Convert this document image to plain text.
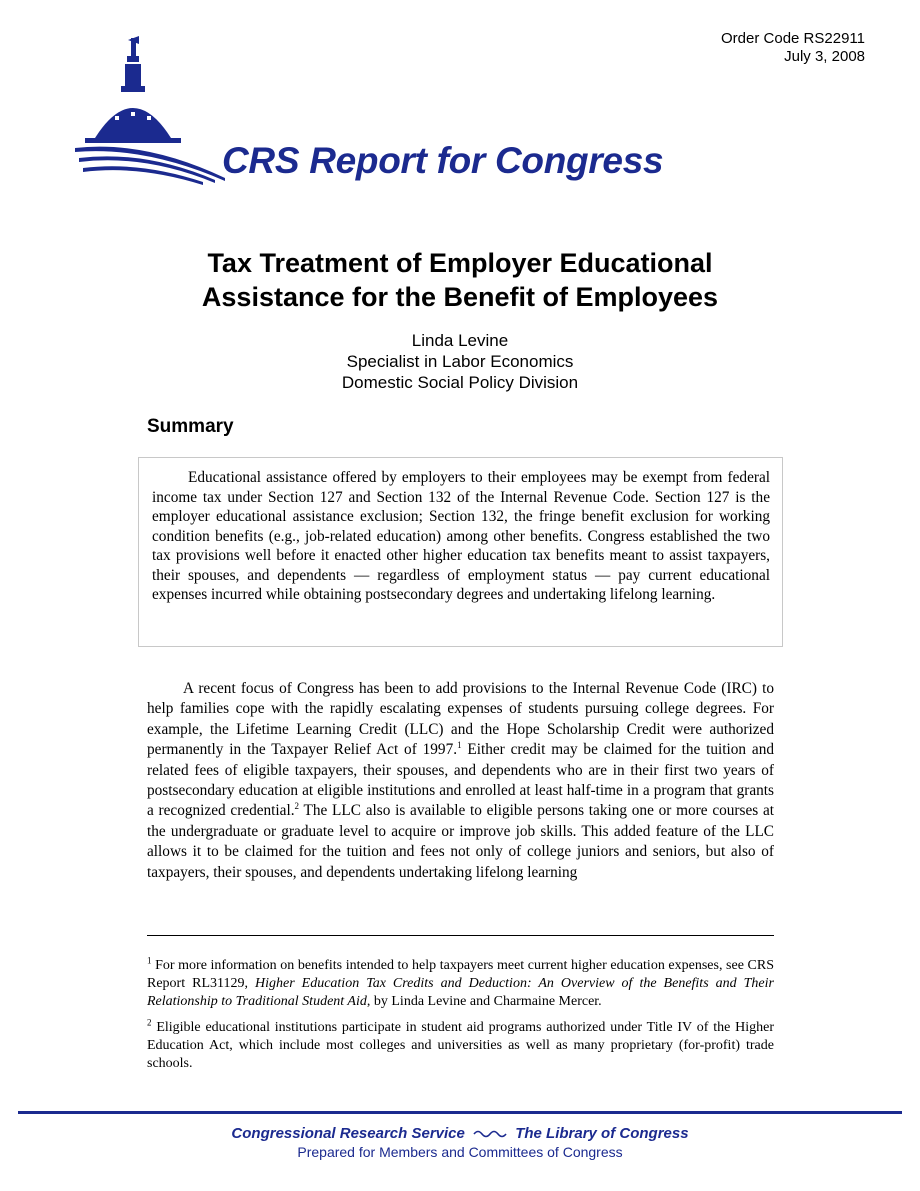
Order Code RS22911
July 3, 2008
CRS Report for Congress
Tax Treatment of Employer Educational
Assistance for the Benefit of Employees
Linda Levine
Specialist in Labor Economics
Domestic Social Policy Division
Summary

Educational assistance offered by employers to their employees may be exempt from federal income tax under Section 127 and Section 132 of the Internal Revenue Code. Section 127 is the employer educational assistance exclusion; Section 132, the fringe benefit exclusion for working condition benefits (e.g., job-related education) among other benefits. Congress established the two tax provisions well before it enacted other higher education tax benefits meant to assist taxpayers, their spouses, and dependents — regardless of employment status — pay current educational expenses incurred while obtaining postsecondary degrees and undertaking lifelong learning.

A recent focus of Congress has been to add provisions to the Internal Revenue Code (IRC) to help families cope with the rapidly escalating expenses of students pursuing college degrees. For example, the Lifetime Learning Credit (LLC) and the Hope Scholarship Credit were authorized permanently in the Taxpayer Relief Act of 1997.$^1$ Either credit may be claimed for the tuition and related fees of eligible taxpayers, their spouses, and dependents who are in their first two years of postsecondary education at eligible institutions and enrolled at least half-time in a program that grants a recognized credential.$^2$ The LLC also is available to eligible persons taking one or more courses at the undergraduate or graduate level to acquire or improve job skills. This added feature of the LLC allows it to be claimed for the tuition and fees not only of college juniors and seniors, but also of taxpayers, their spouses, and dependents undertaking lifelong learning

$^1$ For more information on benefits intended to help taxpayers meet current higher education expenses, see CRS Report RL31129, Higher Education Tax Credits and Deduction: An Overview of the Benefits and Their Relationship to Traditional Student Aid, by Linda Levine and Charmaine Mercer.

$^2$ Eligible educational institutions participate in student aid programs authorized under Title IV of the Higher Education Act, which include most colleges and universities as well as many proprietary (for-profit) trade schools.

Congressional Research Service	The Library of Congress
Prepared for Members and Committees of Congress
